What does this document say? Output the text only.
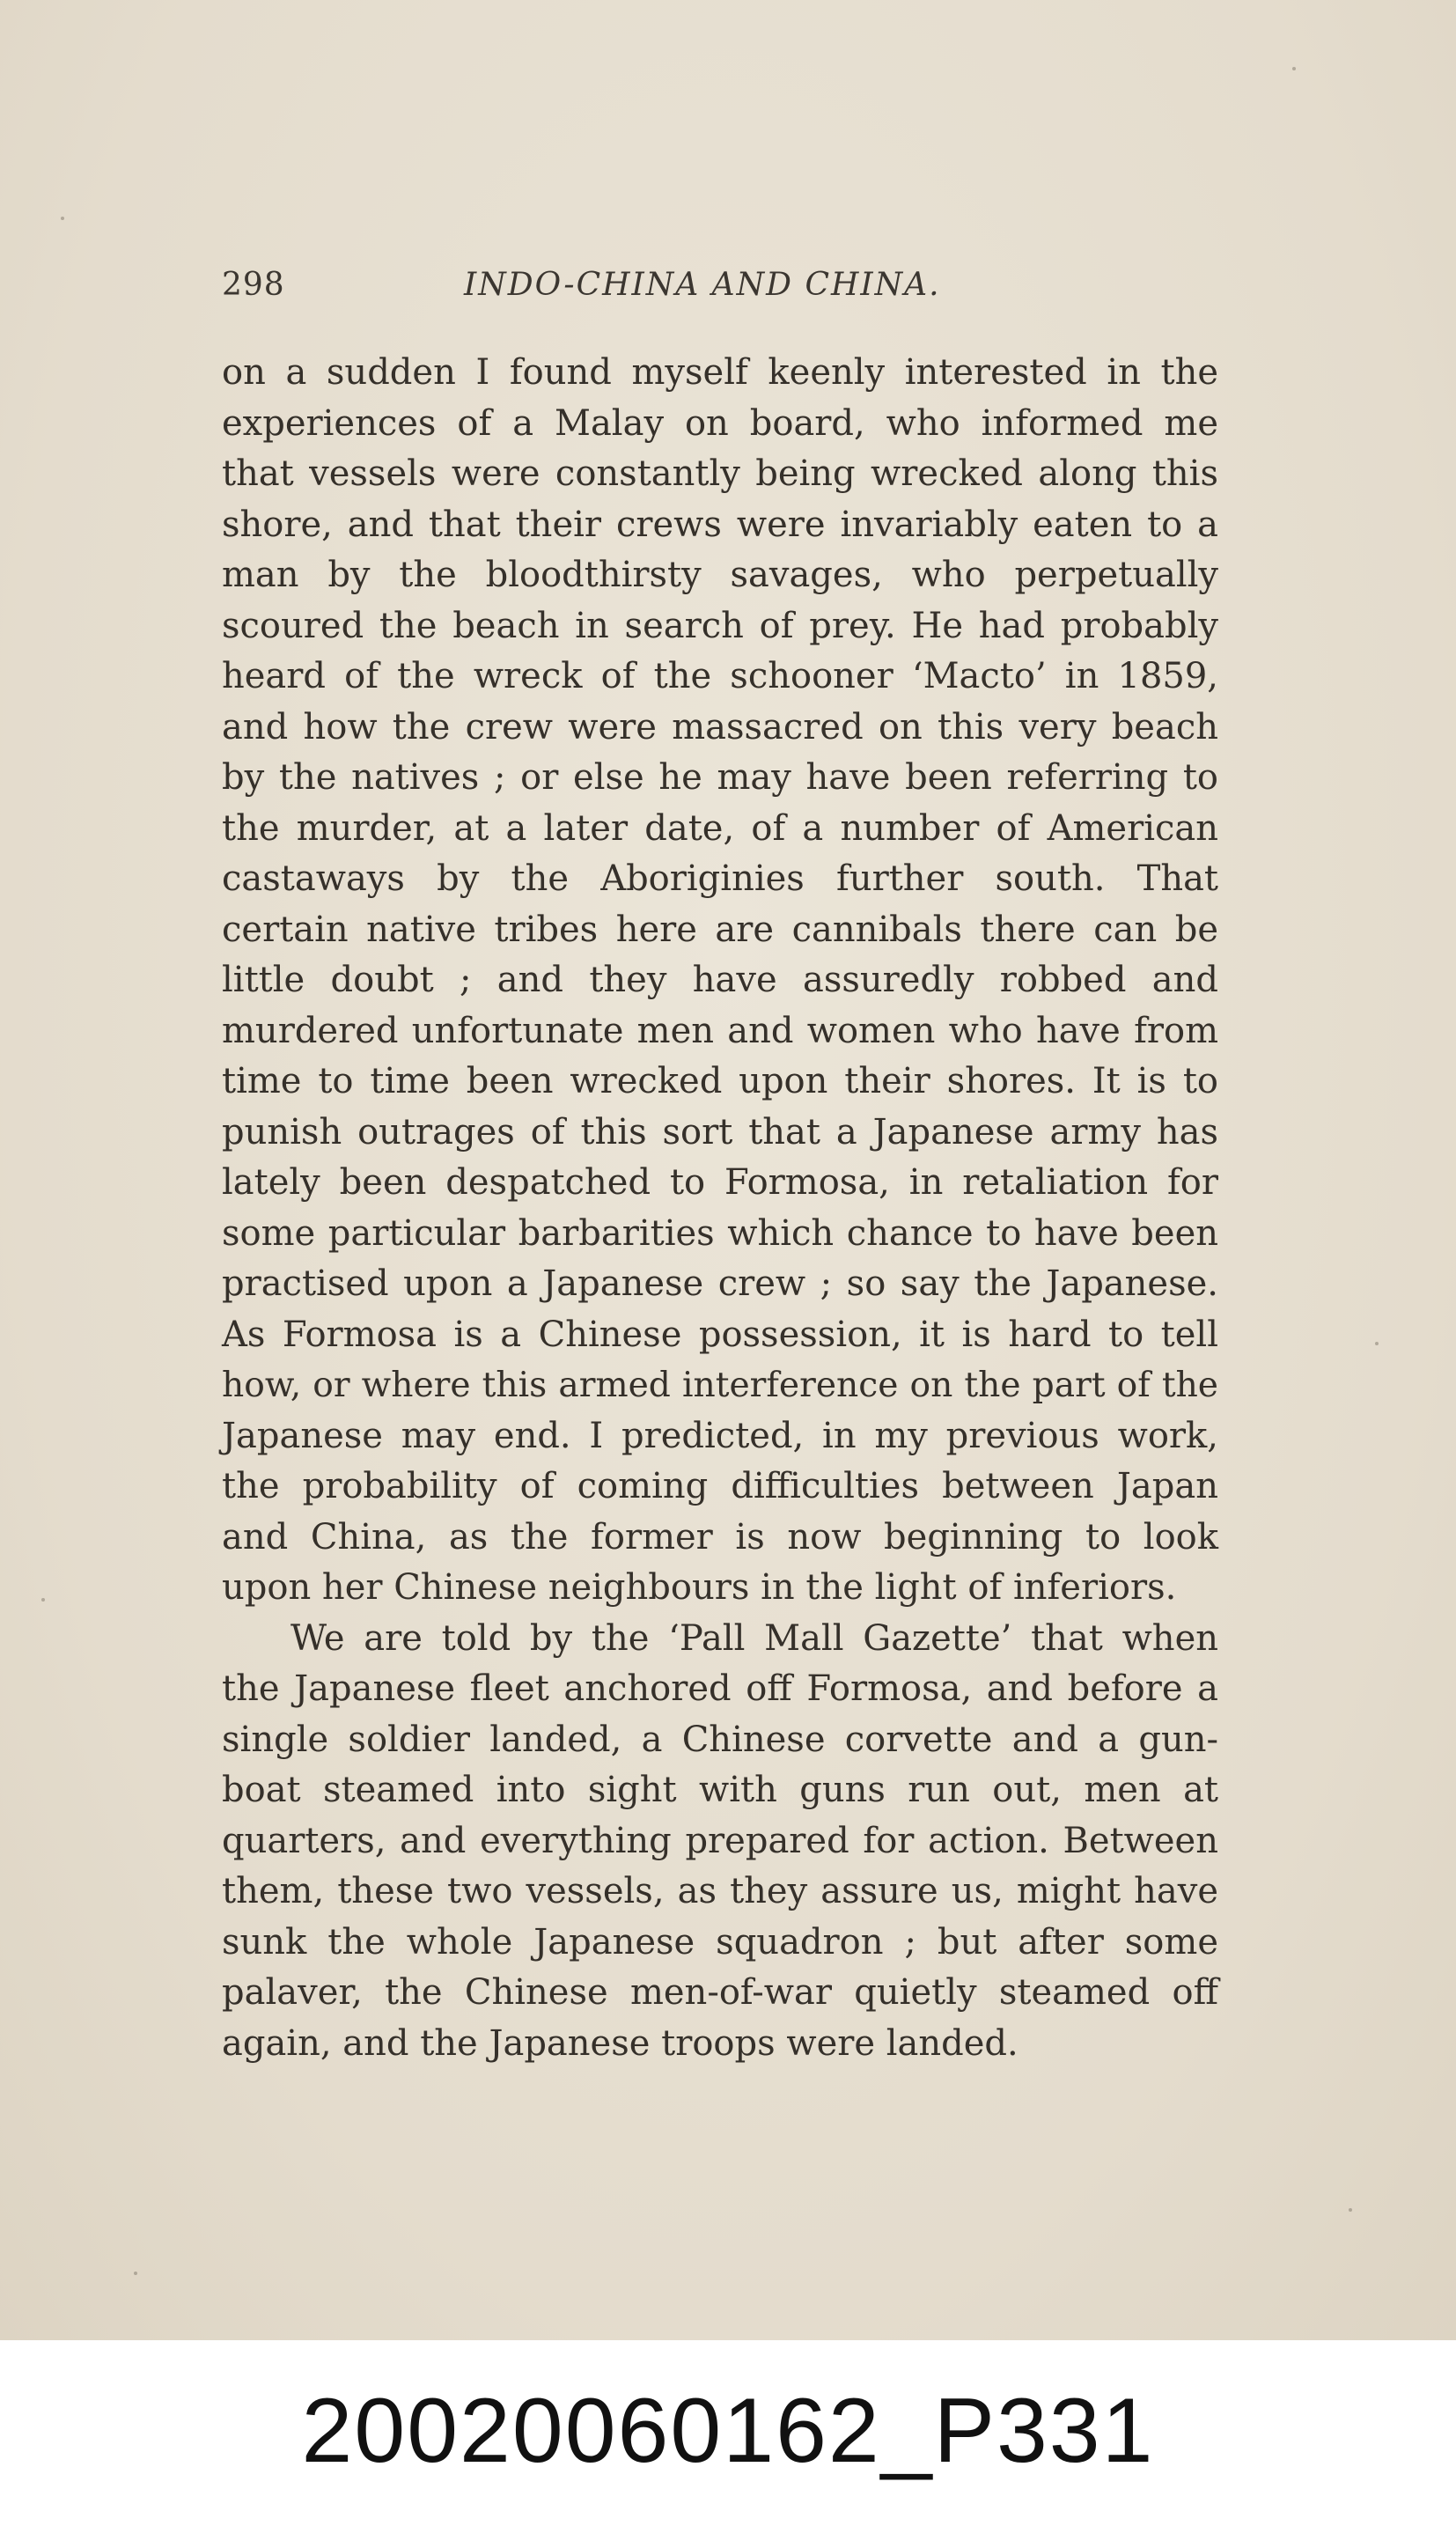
298	INDO-CHINA AND CHINA.
on a sudden I found myself keenly interested in the
experiences of a Malay on board, who informed me
that vessels were constantly being wrecked along this
shore, and that their crews were invariably eaten to a
man by the bloodthirsty savages, who perpetually
scoured the beach in search of prey. He had probably
heard of the wreck of the schooner ‘Macto’ in 1859,
and how the crew were massacred on this very beach
by the natives ; or else he may have been referring to
the murder, at a later date, of a number of American
castaways by the Aboriginies further south. That
certain native tribes here are cannibals there can be
little doubt ; and they have assuredly robbed and
murdered unfortunate men and women who have from
time to time been wrecked upon their shores. It is to
punish outrages of this sort that a Japanese army has
lately been despatched to Formosa, in retaliation for
some particular barbarities which chance to have been
practised upon a Japanese crew ; so say the Japanese.
As Formosa is a Chinese possession, it is hard to tell
how, or where this armed interference on the part of the
Japanese may end. I predicted, in my previous work,
the probability of coming difficulties between Japan
and China, as the former is now beginning to look
upon her Chinese neighbours in the light of inferiors.
We are told by the ‘Pall Mall Gazette’ that when
the Japanese fleet anchored off Formosa, and before a
single soldier landed, a Chinese corvette and a gun-
boat steamed into sight with guns run out, men at
quarters, and everything prepared for action. Between
them, these two vessels, as they assure us, might have
sunk the whole Japanese squadron ; but after some
palaver, the Chinese men-of-war quietly steamed off
again, and the Japanese troops were landed.
20020060162_P331
